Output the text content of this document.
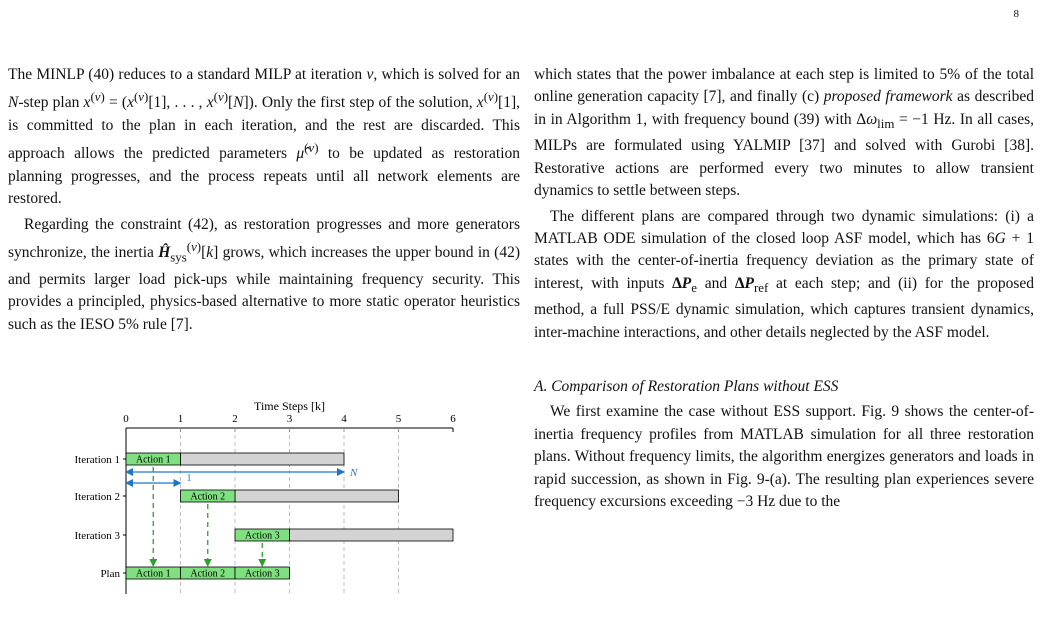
8

The MINLP (40) reduces to a standard MILP at iteration ν, which is solved for an N-step plan $x^{(\nu)} = (x^{(\nu)}[1]$, . . . , $x^{(\nu)}[N]$). Only the first step of the solution, $x^{(\nu)}[1]$, is committed to the plan in each iteration, and the rest are discarded. This approach allows the predicted parameters μ̂$^{(\nu)}$ to be updated as restoration planning progresses, and the process repeats until all network elements are restored.

Regarding the constraint (42), as restoration progresses and more generators synchronize, the inertia $Ĥ_{sys}^{(\nu)}[k]$ grows, which increases the upper bound in (42) and permits larger load pick-ups while maintaining frequency security. This provides a principled, physics-based alternative to more static operator heuristics such as the IESO 5% rule [7].

Time Steps [k]
0	1	2	3	4	5	6
Iteration 1 Action 1
Iteration 2	Action 2
Iteration 3	Action 3
Plan Action 1 Action 2 Action 3
N
1

which states that the power imbalance at each step is limited to 5% of the total online generation capacity [7], and finally (c) proposed framework as described in in Algorithm 1, with frequency bound (39) with $\Delta\omega_{lim} = -1$ Hz. In all cases, MILPs are formulated using YALMIP [37] and solved with Gurobi [38]. Restorative actions are performed every two minutes to allow transient dynamics to settle between steps.

The different plans are compared through two dynamic simulations: (i) a MATLAB ODE simulation of the closed loop ASF model, which has 6G + 1 states with the center-of-inertia frequency deviation as the primary state of interest, with inputs $\Delta P_e$ and $\Delta P_{ref}$ at each step; and (ii) for the proposed method, a full PSS/E dynamic simulation, which captures transient dynamics, inter-machine interactions, and other details neglected by the ASF model.

A. Comparison of Restoration Plans without ESS

We first examine the case without ESS support. Fig. 9 shows the center-of-inertia frequency profiles from MATLAB simulation for all three restoration plans. Without frequency limits, the algorithm energizes generators and loads in rapid succession, as shown in Fig. 9-(a). The resulting plan experiences severe frequency excursions exceeding −3 Hz due to the
